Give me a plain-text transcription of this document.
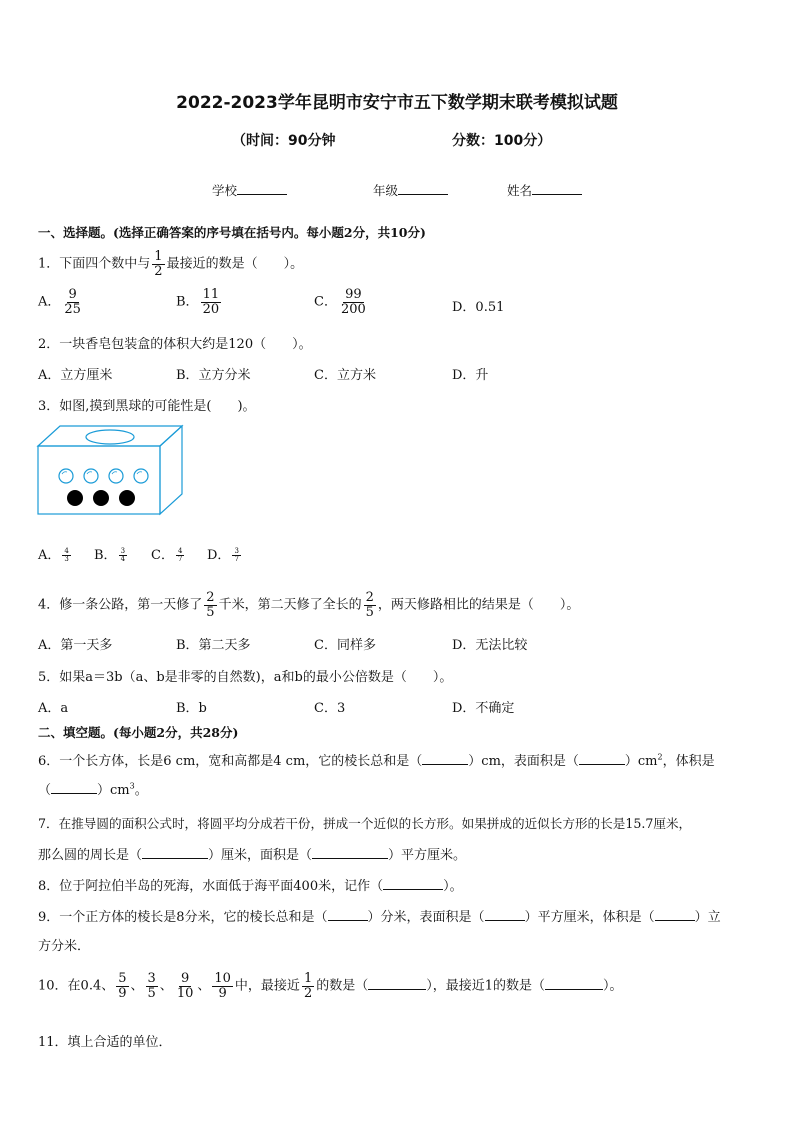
2022-2023学年昆明市安宁市五下数学期末联考模拟试题
（时间：90分钟	分数：100分）
学校	年级	姓名
一、选择题。(选择正确答案的序号填在括号内。每小题2分，共10分)
1．下面四个数中与 $\frac{1}{2}$ 最接近的数是（　　）。
A． $\frac{9}{25}$	B． $\frac{11}{20}$	C． $\frac{99}{200}$	D．0.51
2．一块香皂包装盒的体积大约是120（　　）。
A．立方厘米	B．立方分米	C．立方米	D．升
3．如图,摸到黑球的可能性是(　　)。
A． $\frac{4}{3}$ B． $\frac{3}{4}$ C． $\frac{4}{7}$ D． $\frac{3}{7}$
4．修一条公路，第一天修了 $\frac{2}{5}$ 千米，第二天修了全长的 $\frac{2}{5}$ ，两天修路相比的结果是（　　）。
A．第一天多	B．第二天多	C．同样多	D．无法比较
5．如果a＝3b（a、b是非零的自然数)，a和b的最小公倍数是（　　）。
A．a	B．b	C．3	D．不确定
二、填空题。(每小题2分，共28分)
6．一个长方体，长是6 cm，宽和高都是4 cm，它的棱长总和是（	）cm，表面积是（	）$cm^2$，体积是
（	）$cm^3$。
7．在推导圆的面积公式时，将圆平均分成若干份，拼成一个近似的长方形。如果拼成的近似长方形的长是15.7厘米，
那么圆的周长是（	）厘米，面积是（	）平方厘米。
8．位于阿拉伯半岛的死海，水面低于海平面400米，记作（	）。
9．一个正方体的棱长是8分米，它的棱长总和是（	）分米，表面积是（	）平方厘米，体积是（	）立
方分米．
10．在0.4、 $\frac{5}{9}$ 、 $\frac{3}{5}$ 、 $\frac{9}{10}$ 、 $\frac{10}{9}$ 中，最接近 $\frac{1}{2}$ 的数是（	），最接近1的数是（	）。
11．填上合适的单位．
